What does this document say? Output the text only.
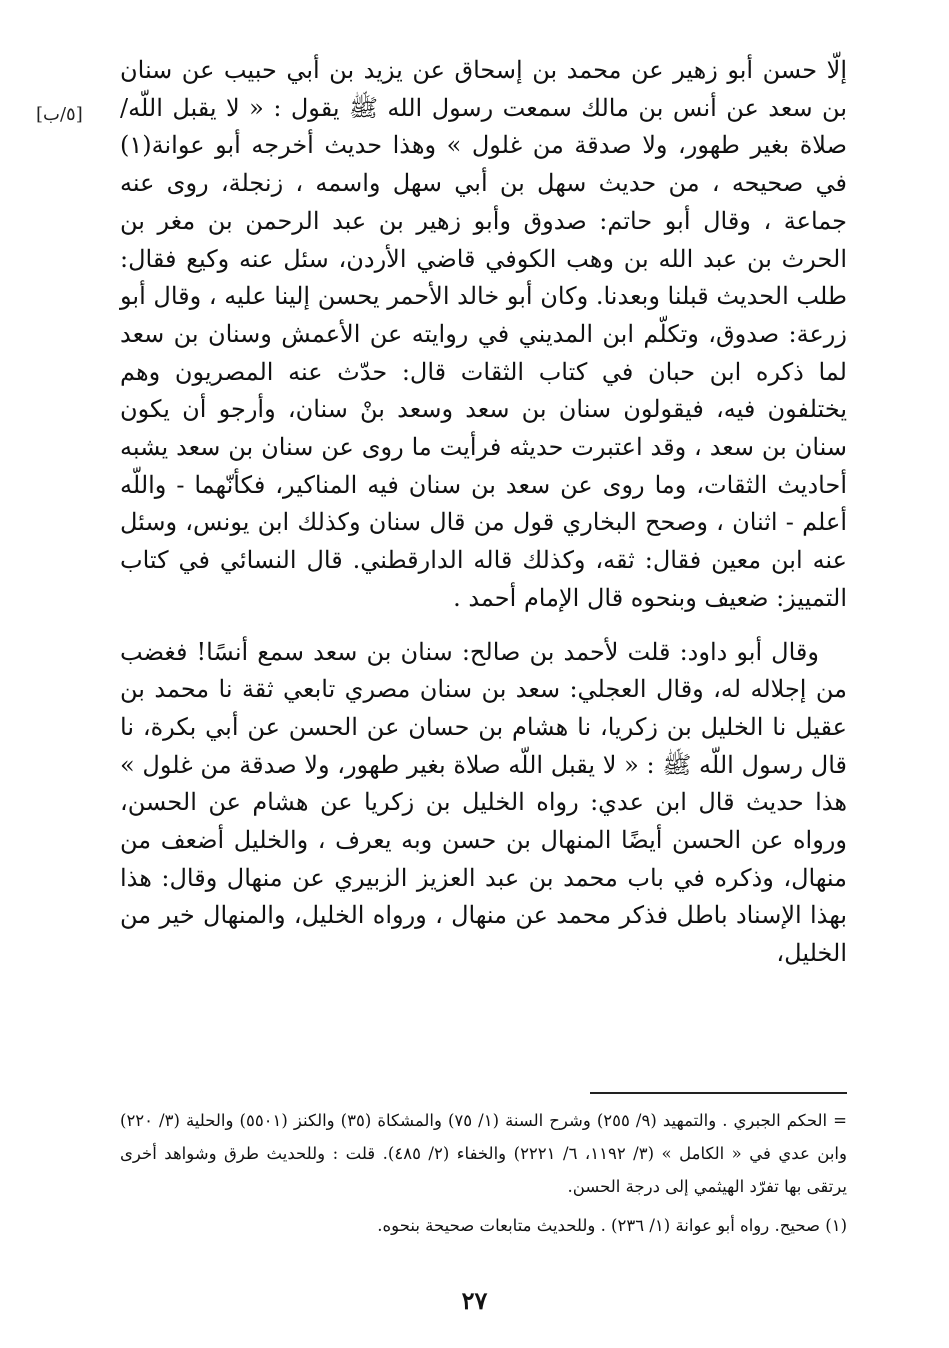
[٥/ب]

إلّا حسن أبو زهير عن محمد بن إسحاق عن يزيد بن أبي حبيب عن سنان بن سعد عن أنس بن مالك سمعت رسول الله ﷺ يقول : « لا يقبل اللّه/ صلاة بغير طهور، ولا صدقة من غلول » وهذا حديث أخرجه أبو عوانة(١) في صحيحه ، من حديث سهل بن أبي سهل واسمه ، زنجلة، روى عنه جماعة ، وقال أبو حاتم: صدوق وأبو زهير بن عبد الرحمن بن مغر بن الحرث بن عبد الله بن وهب الكوفي قاضي الأردن، سئل عنه وكيع فقال: طلب الحديث قبلنا وبعدنا. وكان أبو خالد الأحمر يحسن إلينا عليه ، وقال أبو زرعة: صدوق، وتكلّم ابن المديني في روايته عن الأعمش وسنان بن سعد لما ذكره ابن حبان في كتاب الثقات قال: حدّث عنه المصريون وهم يختلفون فيه، فيقولون سنان بن سعد وسعد بنْ سنان، وأرجو أن يكون سنان بن سعد ، وقد اعتبرت حديثه فرأيت ما روى عن سنان بن سعد يشبه أحاديث الثقات، وما روى عن سعد بن سنان فيه المناكير، فكأنّهما - واللّه أعلم - اثنان ، وصحح البخاري قول من قال سنان وكذلك ابن يونس، وسئل عنه ابن معين فقال: ثقه، وكذلك قاله الدارقطني. قال النسائي في كتاب التمييز: ضعيف وبنحوه قال الإمام أحمد .

وقال أبو داود: قلت لأحمد بن صالح: سنان بن سعد سمع أنسًا! فغضب من إجلاله له، وقال العجلي: سعد بن سنان مصري تابعي ثقة نا محمد بن عقيل نا الخليل بن زكريا، نا هشام بن حسان عن الحسن عن أبي بكرة، نا قال رسول اللّه ﷺ : « لا يقبل اللّه صلاة بغير طهور، ولا صدقة من غلول » هذا حديث قال ابن عدي: رواه الخليل بن زكريا عن هشام عن الحسن، ورواه عن الحسن أيضًا المنهال بن حسن وبه يعرف ، والخليل أضعف من منهال، وذكره في باب محمد بن عبد العزيز الزبيري عن منهال وقال: هذا بهذا الإسناد باطل فذكر محمد عن منهال ، ورواه الخليل، والمنهال خير من الخليل،

= الحكم الجبري . والتمهيد (٩/ ٢٥٥) وشرح السنة (١/ ٧٥) والمشكاة (٣٥) والكنز (٥٥٠١) والحلية (٣/ ٢٢٠) وابن عدي في « الكامل » (٣/ ١١٩٢، ٦/ ٢٢٢١) والخفاء (٢/ ٤٨٥). قلت : وللحديث طرق وشواهد أخرى يرتقى بها تفرّد الهيثمي إلى درجة الحسن.

(١) صحيح. رواه أبو عوانة (١/ ٢٣٦) . وللحديث متابعات صحيحة بنحوه.

٢٧
